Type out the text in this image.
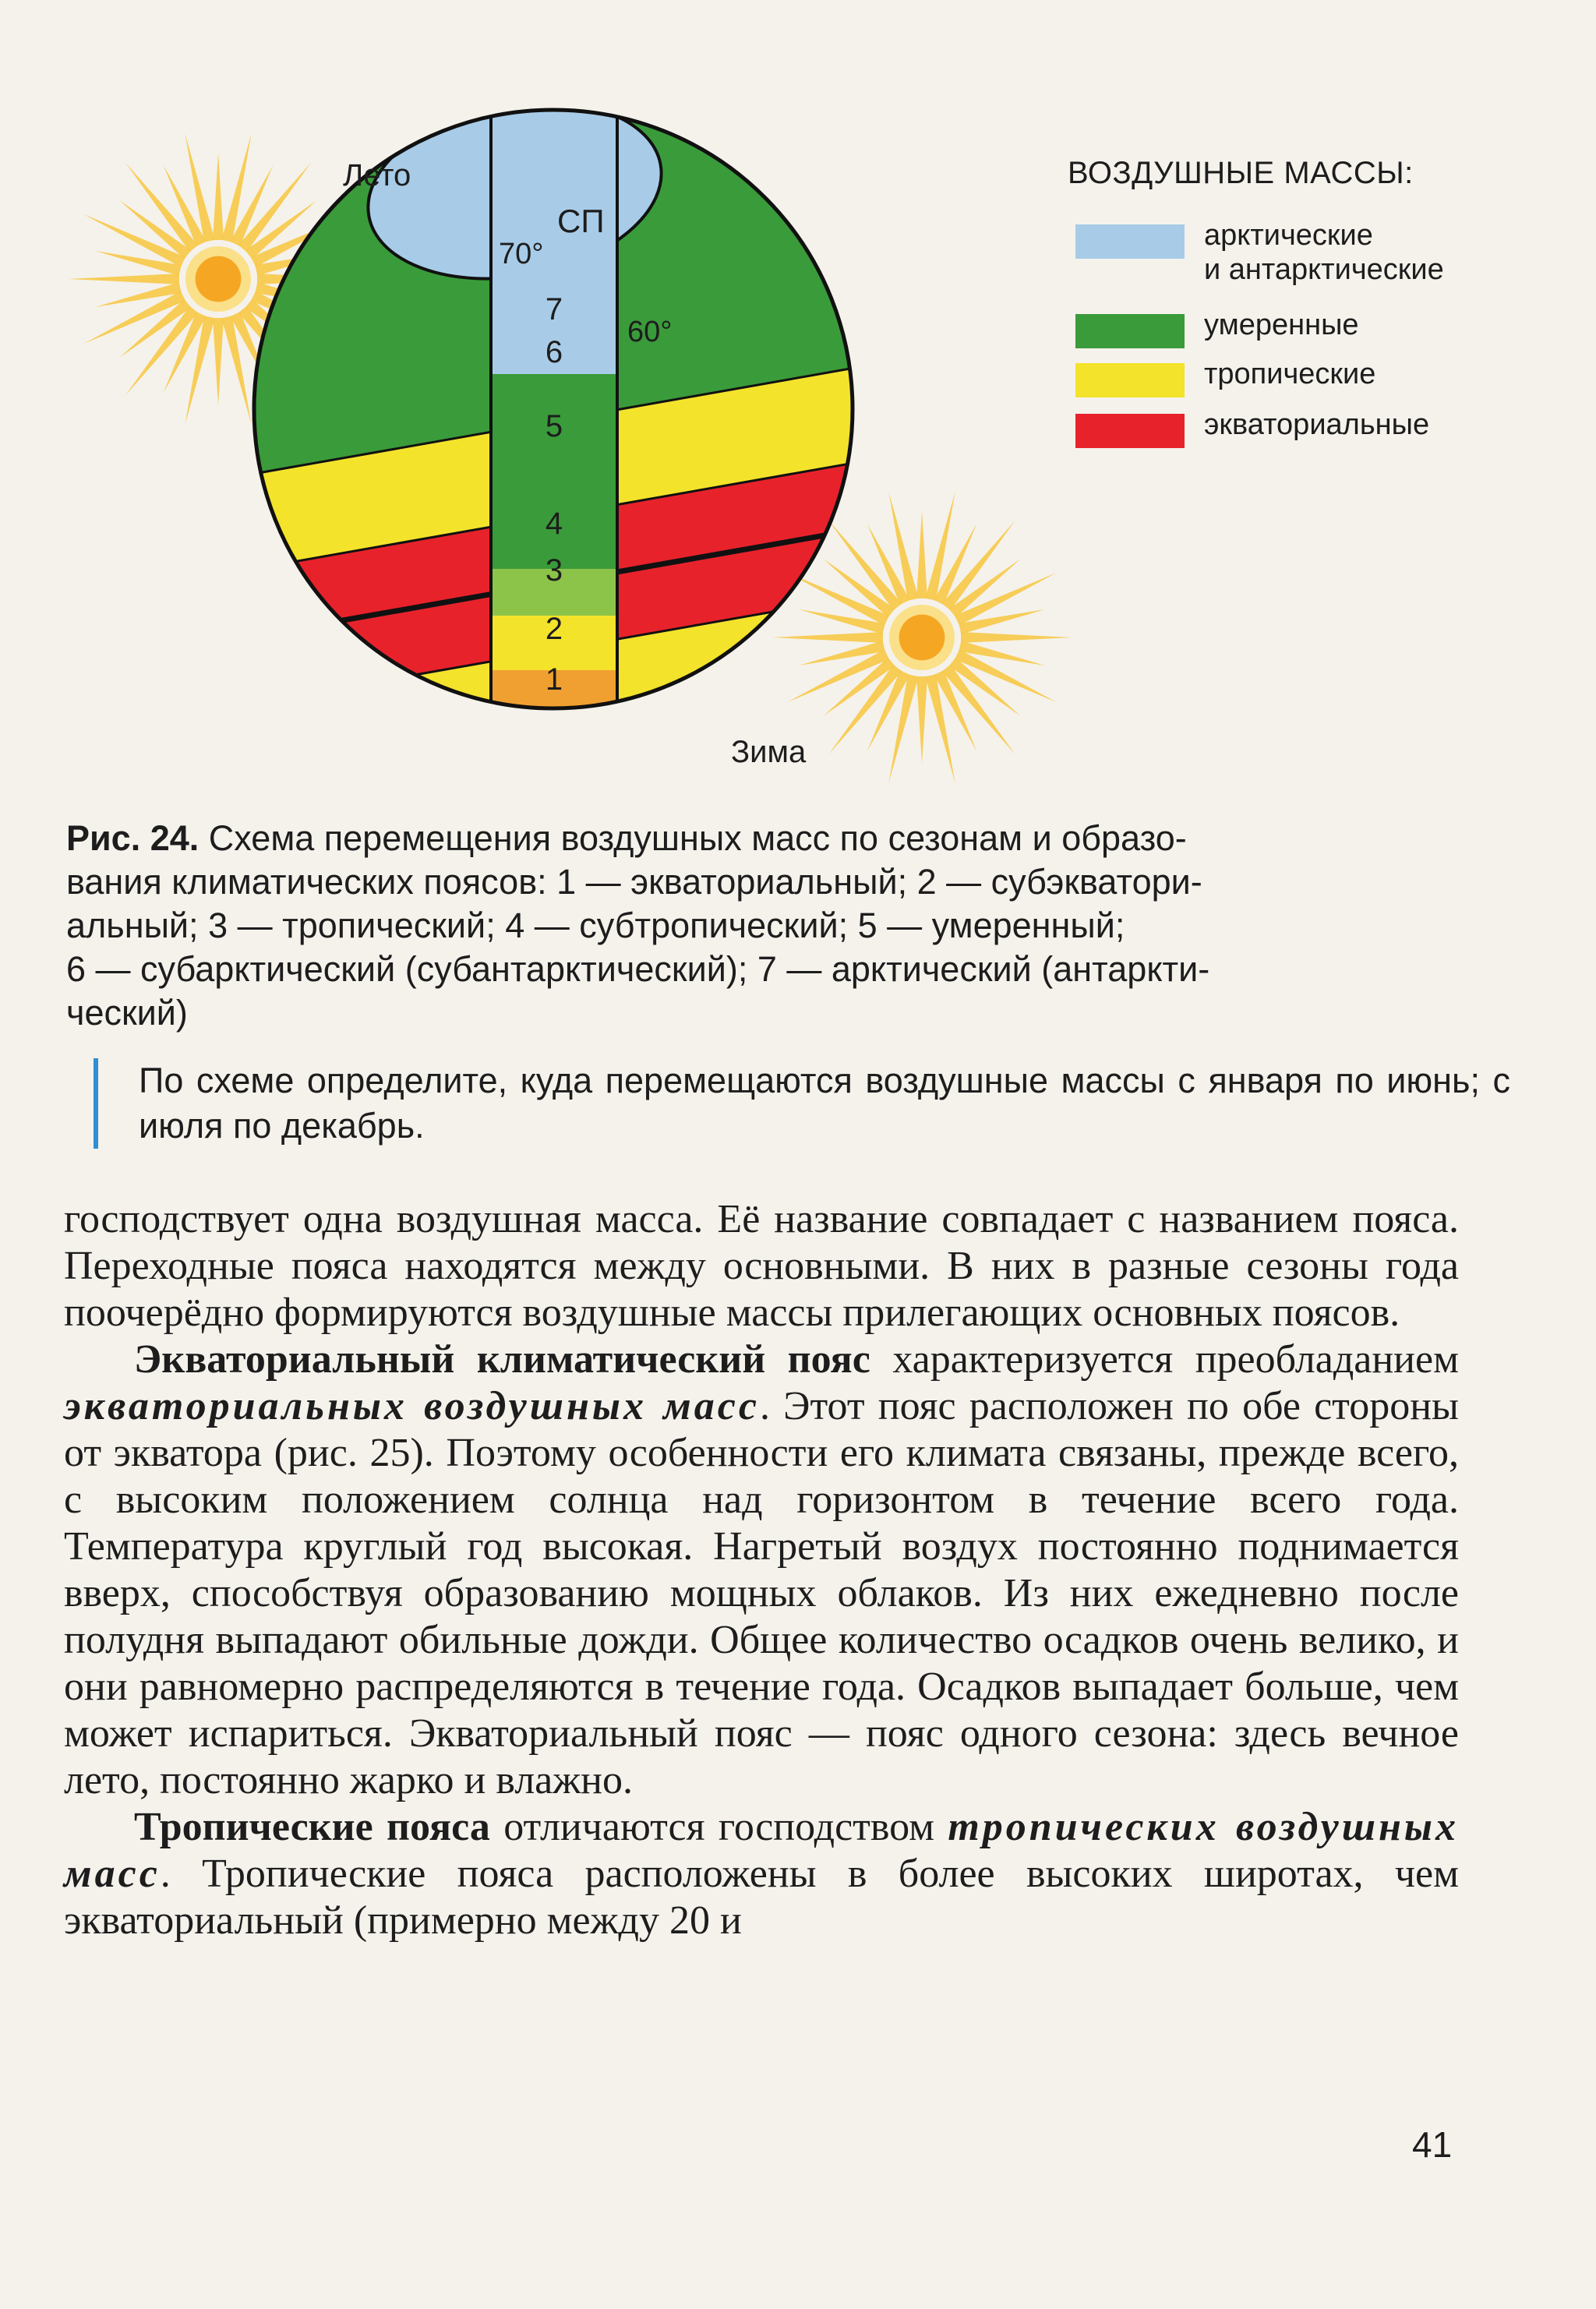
Лето
Зима
СП
70°
60°
7
6
5
4
3
2
1
ВОЗДУШНЫЕ МАССЫ:
арктические
и антарктические
умеренные
тропические
экваториальные
Рис. 24. Схема перемещения воздушных масс по сезонам и образо-
вания климатических поясов: 1 — экваториальный; 2 — субэкватори-
альный; 3 — тропический; 4 — субтропический; 5 — умеренный;
6 — субарктический (субантарктический); 7 — арктический (антаркти-
ческий)
По схеме определите, куда перемещаются воздушные массы с января по июнь; с июля по декабрь.

господствует одна воздушная масса. Её название совпадает с названием пояса. Переходные пояса находятся между основными. В них в разные сезоны года поочерёдно формируются воздушные массы прилегающих основных поясов.

Экваториальный климатический пояс характеризуется преобладанием экваториальных воздушных масс. Этот пояс расположен по обе стороны от экватора (рис. 25). Поэтому особенности его климата связаны, прежде всего, с высоким положением солнца над горизонтом в течение всего года. Температура круглый год высокая. Нагретый воздух постоянно поднимается вверх, способствуя образованию мощных облаков. Из них ежедневно после полудня выпадают обильные дожди. Общее количество осадков очень велико, и они равномерно распределяются в течение года. Осадков выпадает больше, чем может испариться. Экваториальный пояс — пояс одного сезона: здесь вечное лето, постоянно жарко и влажно.

Тропические пояса отличаются господством тропических воздушных масс. Тропические пояса расположены в более высоких широтах, чем экваториальный (примерно между 20 и

41
